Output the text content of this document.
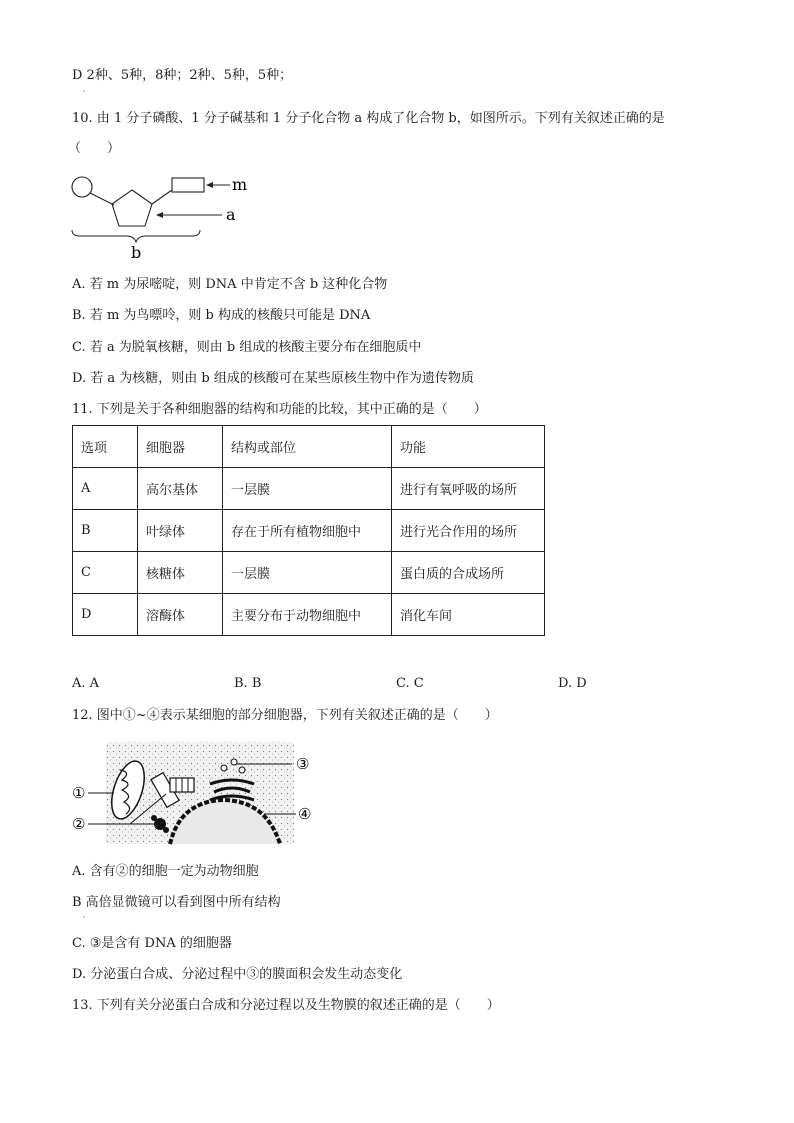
D 2种、5种，8种；2种、5种，5种；
·
10. 由 1 分子磷酸、1 分子碱基和 1 分子化合物 a 构成了化合物 b，如图所示。下列有关叙述正确的是
（　　）
m
a
b
A. 若 m 为尿嘧啶，则 DNA 中肯定不含 b 这种化合物
B. 若 m 为鸟嘌呤，则 b 构成的核酸只可能是 DNA
C. 若 a 为脱氧核糖，则由 b 组成的核酸主要分布在细胞质中
D. 若 a 为核糖，则由 b 组成的核酸可在某些原核生物中作为遗传物质
11. 下列是关于各种细胞器的结构和功能的比较，其中正确的是（　　）
选项	细胞器	结构或部位	功能
A	高尔基体	一层膜	进行有氧呼吸的场所
B	叶绿体	存在于所有植物细胞中	进行光合作用的场所
C	核糖体	一层膜	蛋白质的合成场所
D	溶酶体	主要分布于动物细胞中	消化车间
A. A	B. B	C. C	D. D
12. 图中①~④表示某细胞的部分细胞器，下列有关叙述正确的是（　　）
①
②
③
④
A. 含有②的细胞一定为动物细胞
B 高倍显微镜可以看到图中所有结构
·
C. ③是含有 DNA 的细胞器
D. 分泌蛋白合成、分泌过程中③的膜面积会发生动态变化
13. 下列有关分泌蛋白合成和分泌过程以及生物膜的叙述正确的是（　　）
